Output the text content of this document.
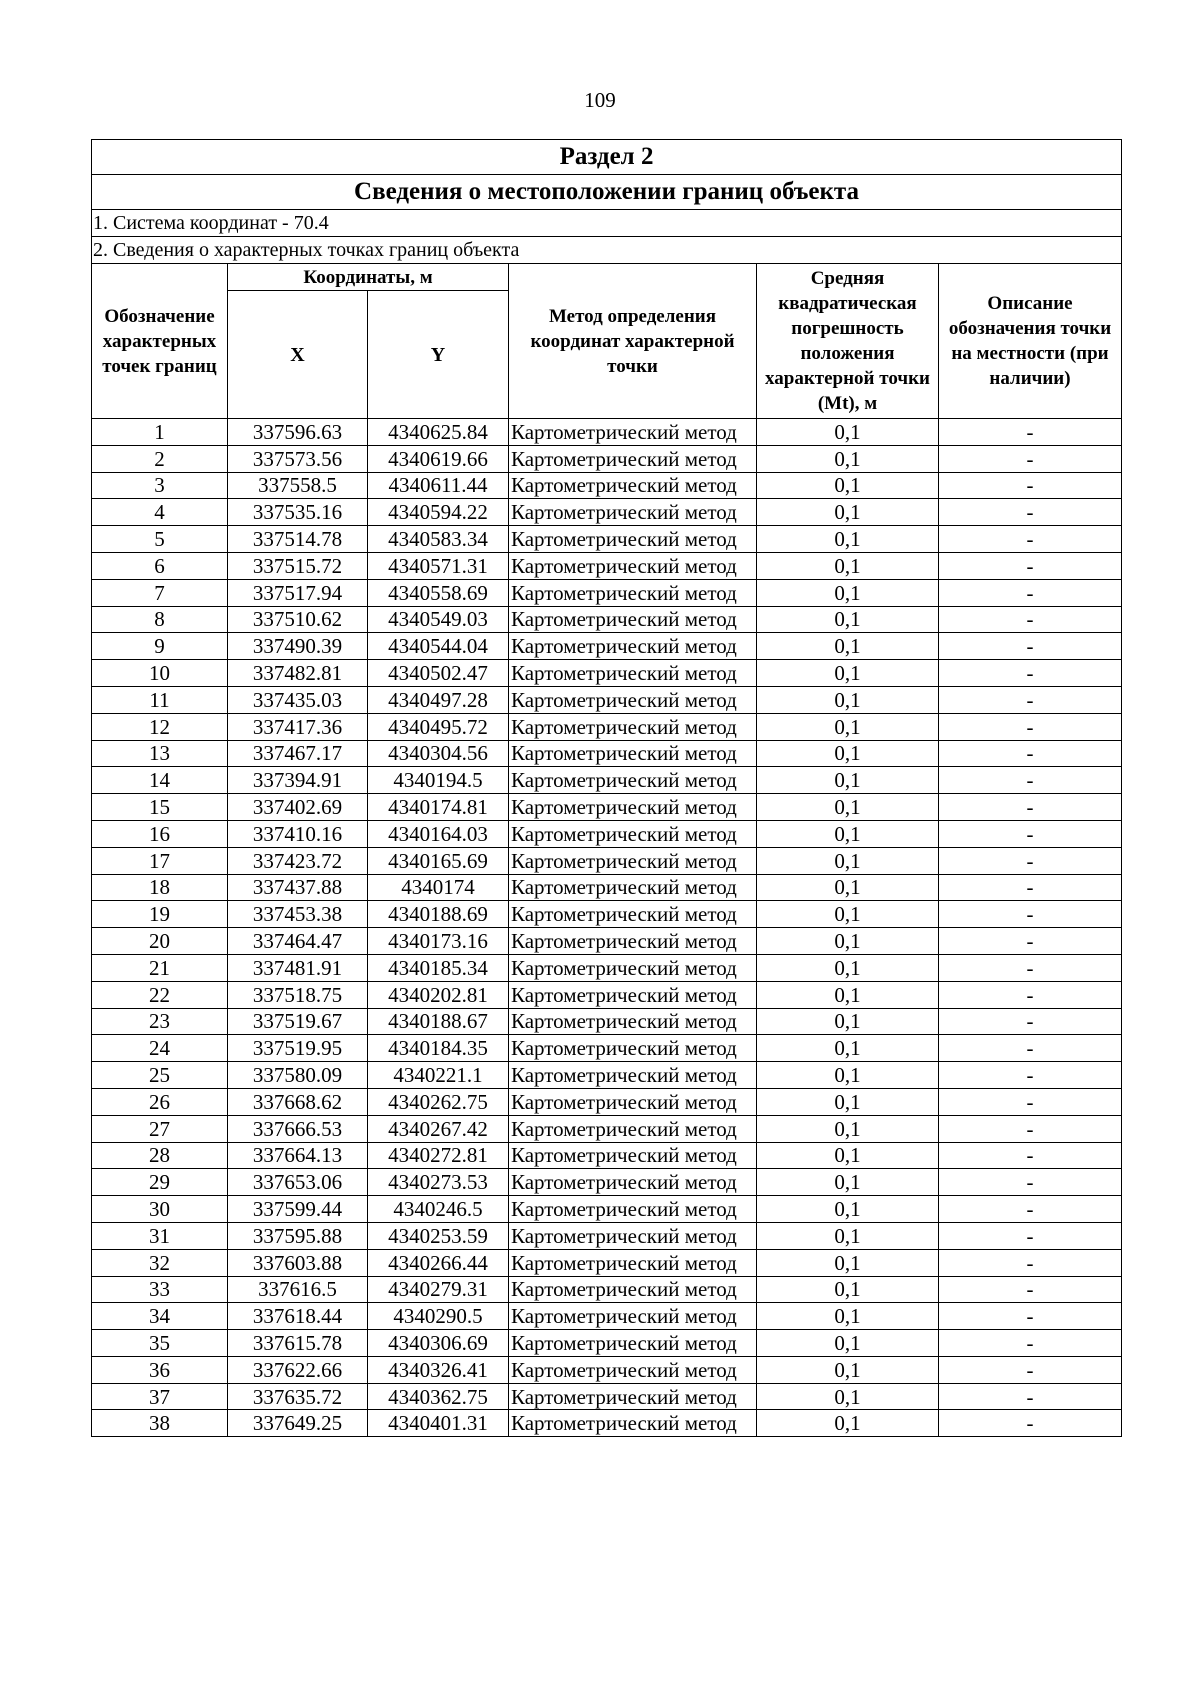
109
Раздел 2					
Сведения о местоположении границ объекта					
1. Система координат - 70.4					
2. Сведения о характерных точках границ объекта					
Обозначение характерных точек границ	Координаты, м		Метод определения координат характерной точки	Средняя квадратическая погрешность положения характерной точки (Mt), м	Описание обозначения точки на местности (при наличии)
	X	Y			
1	337596.63	4340625.84	Картометрический метод	0,1	-
2	337573.56	4340619.66	Картометрический метод	0,1	-
3	337558.5	4340611.44	Картометрический метод	0,1	-
4	337535.16	4340594.22	Картометрический метод	0,1	-
5	337514.78	4340583.34	Картометрический метод	0,1	-
6	337515.72	4340571.31	Картометрический метод	0,1	-
7	337517.94	4340558.69	Картометрический метод	0,1	-
8	337510.62	4340549.03	Картометрический метод	0,1	-
9	337490.39	4340544.04	Картометрический метод	0,1	-
10	337482.81	4340502.47	Картометрический метод	0,1	-
11	337435.03	4340497.28	Картометрический метод	0,1	-
12	337417.36	4340495.72	Картометрический метод	0,1	-
13	337467.17	4340304.56	Картометрический метод	0,1	-
14	337394.91	4340194.5	Картометрический метод	0,1	-
15	337402.69	4340174.81	Картометрический метод	0,1	-
16	337410.16	4340164.03	Картометрический метод	0,1	-
17	337423.72	4340165.69	Картометрический метод	0,1	-
18	337437.88	4340174	Картометрический метод	0,1	-
19	337453.38	4340188.69	Картометрический метод	0,1	-
20	337464.47	4340173.16	Картометрический метод	0,1	-
21	337481.91	4340185.34	Картометрический метод	0,1	-
22	337518.75	4340202.81	Картометрический метод	0,1	-
23	337519.67	4340188.67	Картометрический метод	0,1	-
24	337519.95	4340184.35	Картометрический метод	0,1	-
25	337580.09	4340221.1	Картометрический метод	0,1	-
26	337668.62	4340262.75	Картометрический метод	0,1	-
27	337666.53	4340267.42	Картометрический метод	0,1	-
28	337664.13	4340272.81	Картометрический метод	0,1	-
29	337653.06	4340273.53	Картометрический метод	0,1	-
30	337599.44	4340246.5	Картометрический метод	0,1	-
31	337595.88	4340253.59	Картометрический метод	0,1	-
32	337603.88	4340266.44	Картометрический метод	0,1	-
33	337616.5	4340279.31	Картометрический метод	0,1	-
34	337618.44	4340290.5	Картометрический метод	0,1	-
35	337615.78	4340306.69	Картометрический метод	0,1	-
36	337622.66	4340326.41	Картометрический метод	0,1	-
37	337635.72	4340362.75	Картометрический метод	0,1	-
38	337649.25	4340401.31	Картометрический метод	0,1	-
